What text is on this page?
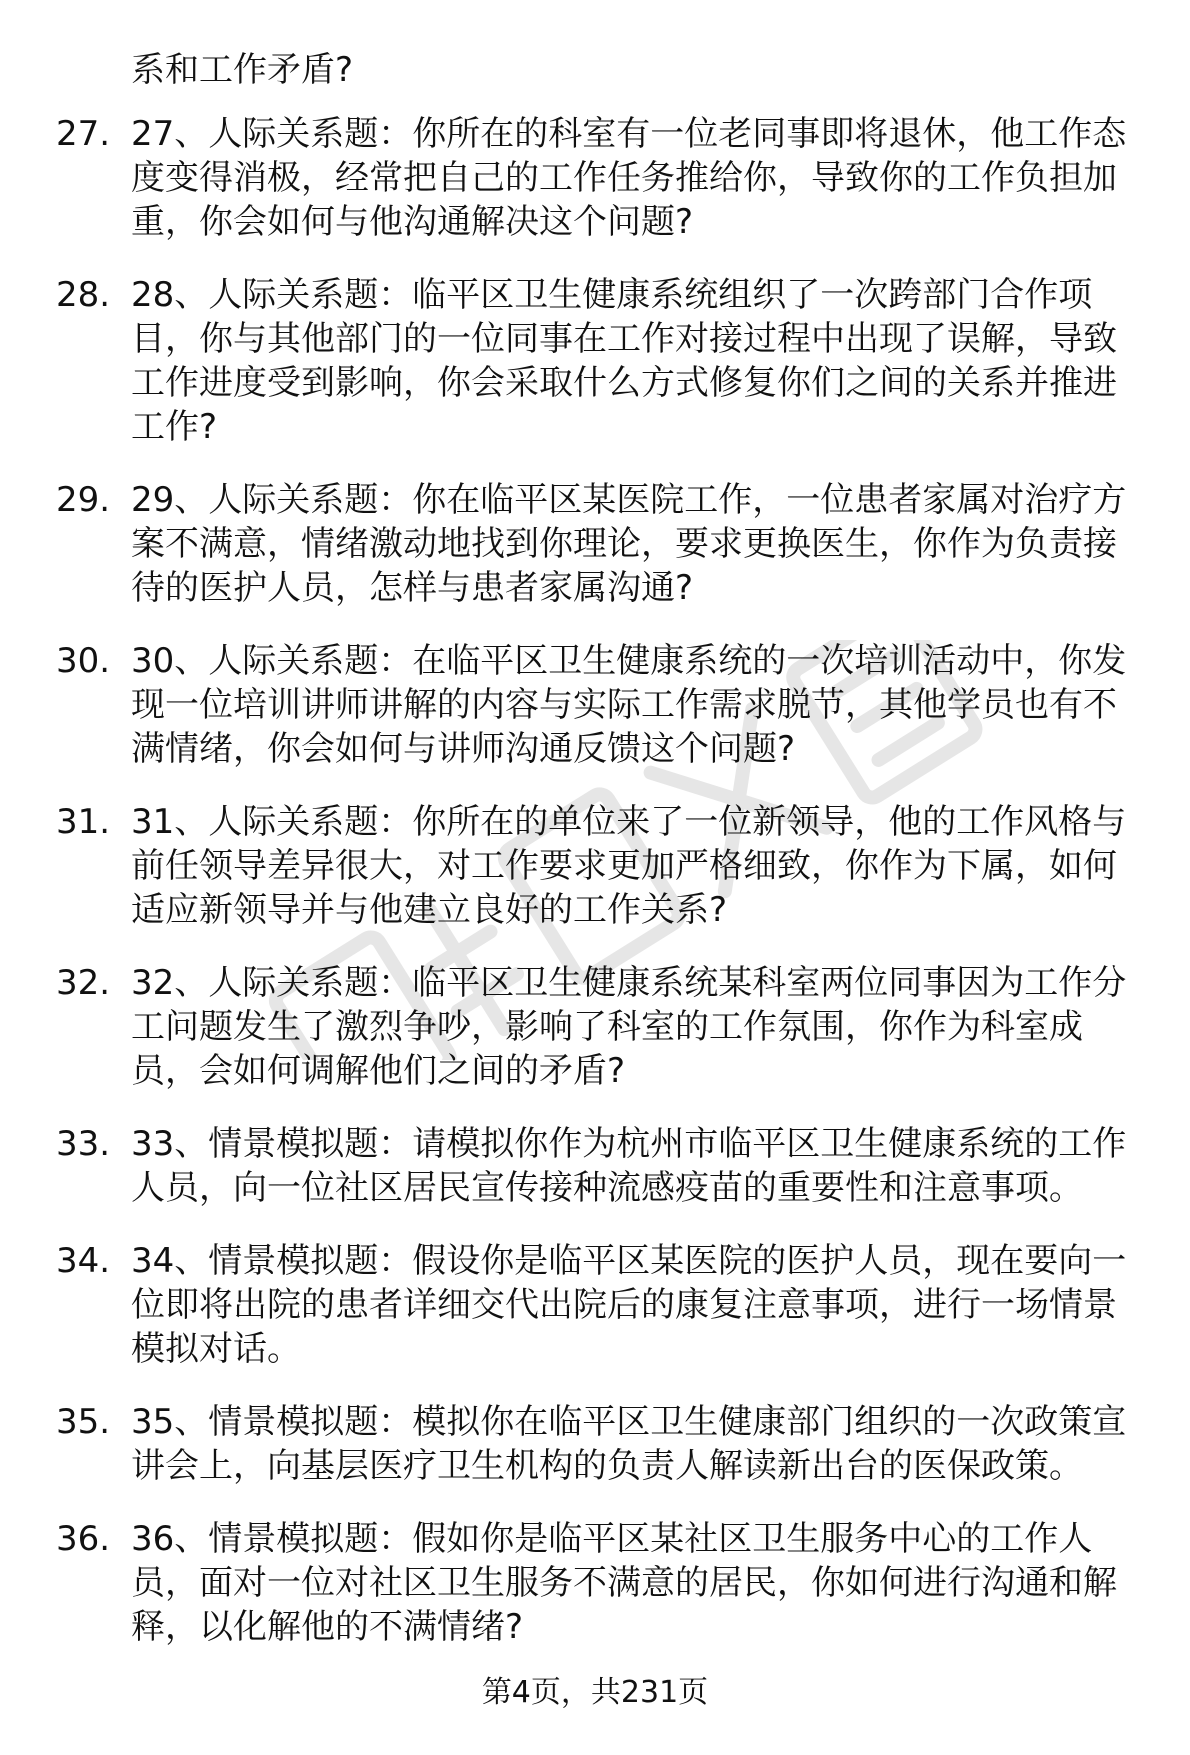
系和工作矛盾?
27. 27、人际关系题：你所在的科室有一位老同事即将退休，他工作态度变得消极，经常把自己的工作任务推给你，导致你的工作负担加重，你会如何与他沟通解决这个问题?
28. 28、人际关系题：临平区卫生健康系统组织了一次跨部门合作项目，你与其他部门的一位同事在工作对接过程中出现了误解，导致工作进度受到影响，你会采取什么方式修复你们之间的关系并推进工作?
29. 29、人际关系题：你在临平区某医院工作，一位患者家属对治疗方案不满意，情绪激动地找到你理论，要求更换医生，你作为负责接待的医护人员，怎样与患者家属沟通?
30. 30、人际关系题：在临平区卫生健康系统的一次培训活动中，你发现一位培训讲师讲解的内容与实际工作需求脱节，其他学员也有不满情绪，你会如何与讲师沟通反馈这个问题?
31. 31、人际关系题：你所在的单位来了一位新领导，他的工作风格与前任领导差异很大，对工作要求更加严格细致，你作为下属，如何适应新领导并与他建立良好的工作关系?
32. 32、人际关系题：临平区卫生健康系统某科室两位同事因为工作分工问题发生了激烈争吵，影响了科室的工作氛围，你作为科室成员，会如何调解他们之间的矛盾?
33. 33、情景模拟题：请模拟你作为杭州市临平区卫生健康系统的工作人员，向一位社区居民宣传接种流感疫苗的重要性和注意事项。
34. 34、情景模拟题：假设你是临平区某医院的医护人员，现在要向一位即将出院的患者详细交代出院后的康复注意事项，进行一场情景模拟对话。
35. 35、情景模拟题：模拟你在临平区卫生健康部门组织的一次政策宣讲会上，向基层医疗卫生机构的负责人解读新出台的医保政策。
36. 36、情景模拟题：假如你是临平区某社区卫生服务中心的工作人员，面对一位对社区卫生服务不满意的居民，你如何进行沟通和解释，以化解他的不满情绪?
第4页，共231页
